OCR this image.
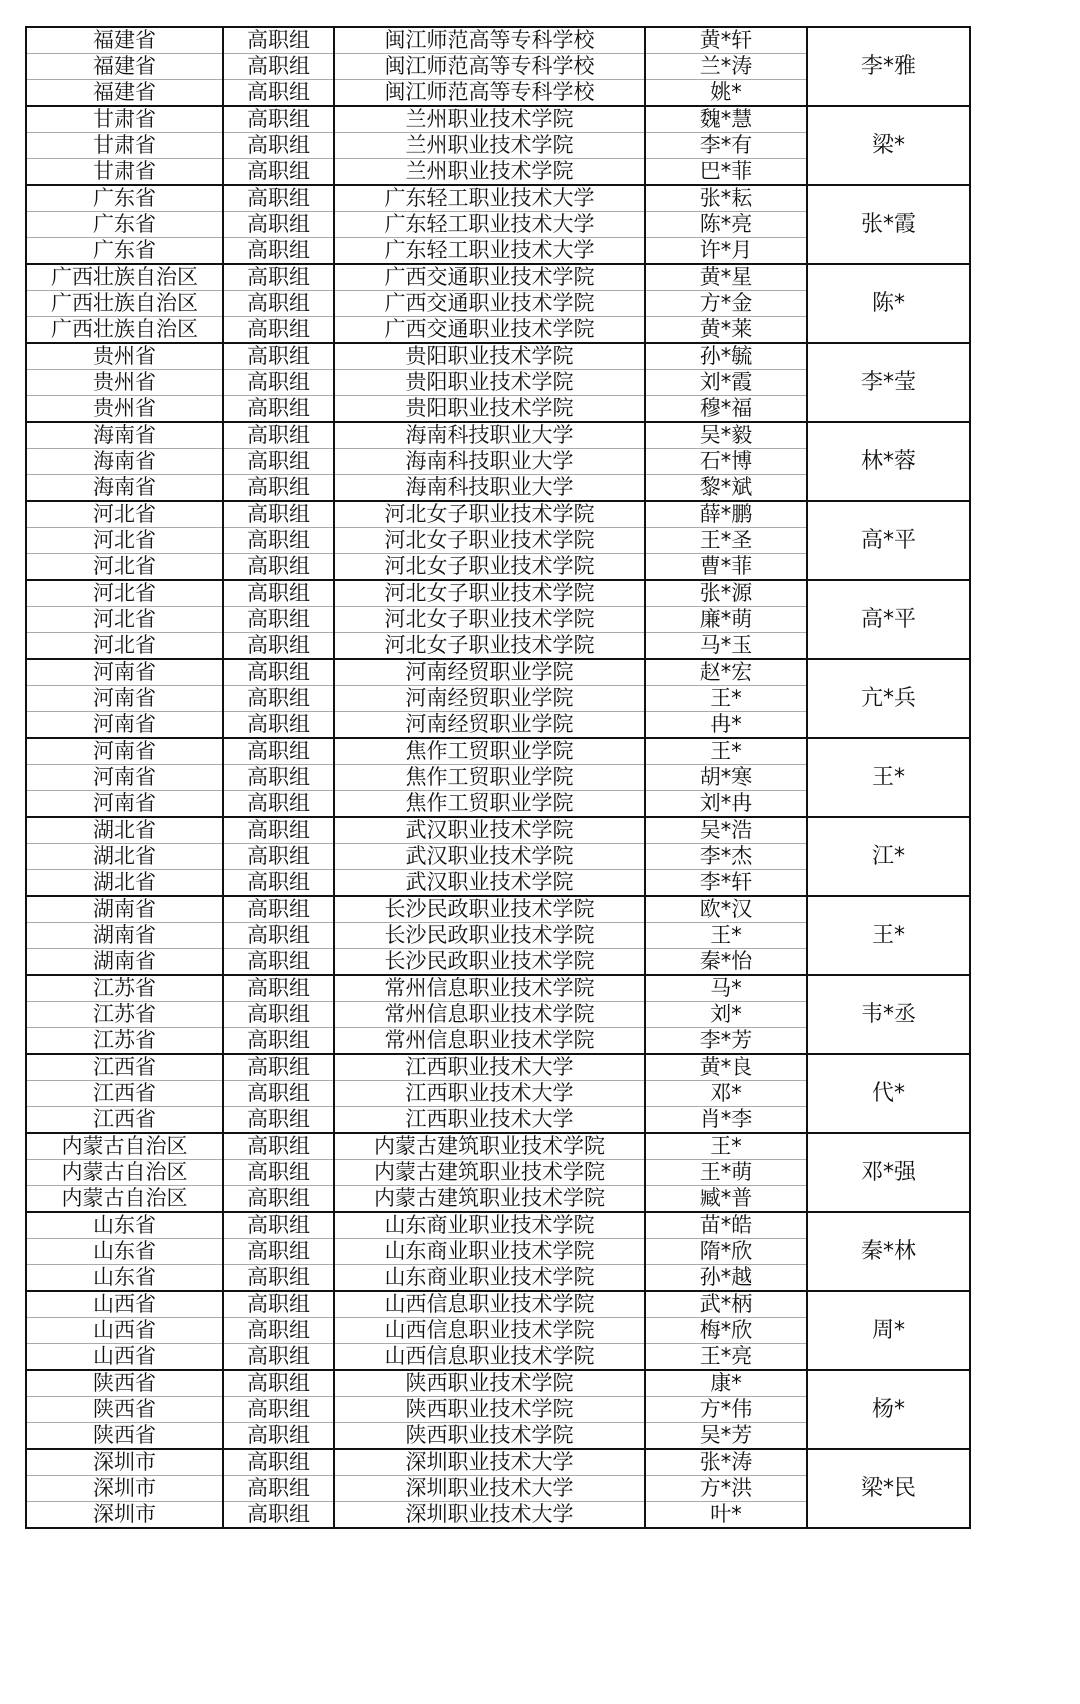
福建省	高职组	闽江师范高等专科学校	黄*轩	李*雅
福建省	高职组	闽江师范高等专科学校	兰*涛	
福建省	高职组	闽江师范高等专科学校	姚*	
甘肃省	高职组	兰州职业技术学院	魏*慧	梁*
甘肃省	高职组	兰州职业技术学院	李*有	
甘肃省	高职组	兰州职业技术学院	巴*菲	
广东省	高职组	广东轻工职业技术大学	张*耘	张*霞
广东省	高职组	广东轻工职业技术大学	陈*亮	
广东省	高职组	广东轻工职业技术大学	许*月	
广西壮族自治区	高职组	广西交通职业技术学院	黄*星	陈*
广西壮族自治区	高职组	广西交通职业技术学院	方*金	
广西壮族自治区	高职组	广西交通职业技术学院	黄*莱	
贵州省	高职组	贵阳职业技术学院	孙*毓	李*莹
贵州省	高职组	贵阳职业技术学院	刘*霞	
贵州省	高职组	贵阳职业技术学院	穆*福	
海南省	高职组	海南科技职业大学	吴*毅	林*蓉
海南省	高职组	海南科技职业大学	石*博	
海南省	高职组	海南科技职业大学	黎*斌	
河北省	高职组	河北女子职业技术学院	薛*鹏	高*平
河北省	高职组	河北女子职业技术学院	王*圣	
河北省	高职组	河北女子职业技术学院	曹*菲	
河北省	高职组	河北女子职业技术学院	张*源	高*平
河北省	高职组	河北女子职业技术学院	廉*萌	
河北省	高职组	河北女子职业技术学院	马*玉	
河南省	高职组	河南经贸职业学院	赵*宏	亢*兵
河南省	高职组	河南经贸职业学院	王*	
河南省	高职组	河南经贸职业学院	冉*	
河南省	高职组	焦作工贸职业学院	王*	王*
河南省	高职组	焦作工贸职业学院	胡*寒	
河南省	高职组	焦作工贸职业学院	刘*冉	
湖北省	高职组	武汉职业技术学院	吴*浩	江*
湖北省	高职组	武汉职业技术学院	李*杰	
湖北省	高职组	武汉职业技术学院	李*轩	
湖南省	高职组	长沙民政职业技术学院	欧*汉	王*
湖南省	高职组	长沙民政职业技术学院	王*	
湖南省	高职组	长沙民政职业技术学院	秦*怡	
江苏省	高职组	常州信息职业技术学院	马*	韦*丞
江苏省	高职组	常州信息职业技术学院	刘*	
江苏省	高职组	常州信息职业技术学院	李*芳	
江西省	高职组	江西职业技术大学	黄*良	代*
江西省	高职组	江西职业技术大学	邓*	
江西省	高职组	江西职业技术大学	肖*李	
内蒙古自治区	高职组	内蒙古建筑职业技术学院	王*	邓*强
内蒙古自治区	高职组	内蒙古建筑职业技术学院	王*萌	
内蒙古自治区	高职组	内蒙古建筑职业技术学院	臧*普	
山东省	高职组	山东商业职业技术学院	苗*皓	秦*林
山东省	高职组	山东商业职业技术学院	隋*欣	
山东省	高职组	山东商业职业技术学院	孙*越	
山西省	高职组	山西信息职业技术学院	武*柄	周*
山西省	高职组	山西信息职业技术学院	梅*欣	
山西省	高职组	山西信息职业技术学院	王*亮	
陕西省	高职组	陕西职业技术学院	康*	杨*
陕西省	高职组	陕西职业技术学院	方*伟	
陕西省	高职组	陕西职业技术学院	吴*芳	
深圳市	高职组	深圳职业技术大学	张*涛	梁*民
深圳市	高职组	深圳职业技术大学	方*洪	
深圳市	高职组	深圳职业技术大学	叶*	
